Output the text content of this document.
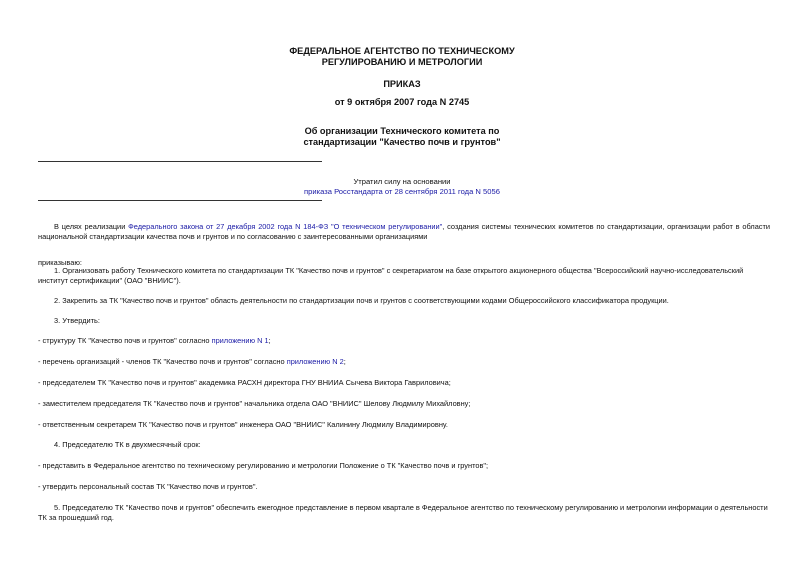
ФЕДЕРАЛЬНОЕ АГЕНТСТВО ПО ТЕХНИЧЕСКОМУ
РЕГУЛИРОВАНИЮ И МЕТРОЛОГИИ
ПРИКАЗ
от 9 октября 2007 года N 2745
Об организации Технического комитета по
стандартизации "Качество почв и грунтов"
Утратил силу на основании
приказа Росстандарта от 28 сентября 2011 года N 5056
В целях реализации Федерального закона от 27 декабря 2002 года N 184-ФЗ "О техническом регулировании", создания системы технических комитетов по стандартизации, организации работ в области национальной стандартизации качества почв и грунтов и по согласованию с заинтересованными организациями
приказываю:
1. Организовать работу Технического комитета по стандартизации ТК "Качество почв и грунтов" с секретариатом на базе открытого акционерного общества "Всероссийский научно-исследовательский институт сертификации" (ОАО "ВНИИС").
2. Закрепить за ТК "Качество почв и грунтов" область деятельности по стандартизации почв и грунтов с соответствующими кодами Общероссийского классификатора продукции.
3. Утвердить:
- структуру ТК "Качество почв и грунтов" согласно приложению N 1;
- перечень организаций - членов ТК "Качество почв и грунтов" согласно приложению N 2;
- председателем ТК "Качество почв и грунтов" академика РАСХН директора ГНУ ВНИИА Сычева Виктора Гавриловича;
- заместителем председателя ТК "Качество почв и грунтов" начальника отдела ОАО "ВНИИС" Шелову Людмилу Михайловну;
- ответственным секретарем ТК "Качество почв и грунтов" инженера ОАО "ВНИИС" Калинину Людмилу Владимировну.
4. Председателю ТК в двухмесячный срок:
- представить в Федеральное агентство по техническому регулированию и метрологии Положение о ТК "Качество почв и грунтов";
- утвердить персональный состав ТК "Качество почв и грунтов".
5. Председателю ТК "Качество почв и грунтов" обеспечить ежегодное представление в первом квартале в Федеральное агентство по техническому регулированию и метрологии информации о деятельности ТК за прошедший год.
